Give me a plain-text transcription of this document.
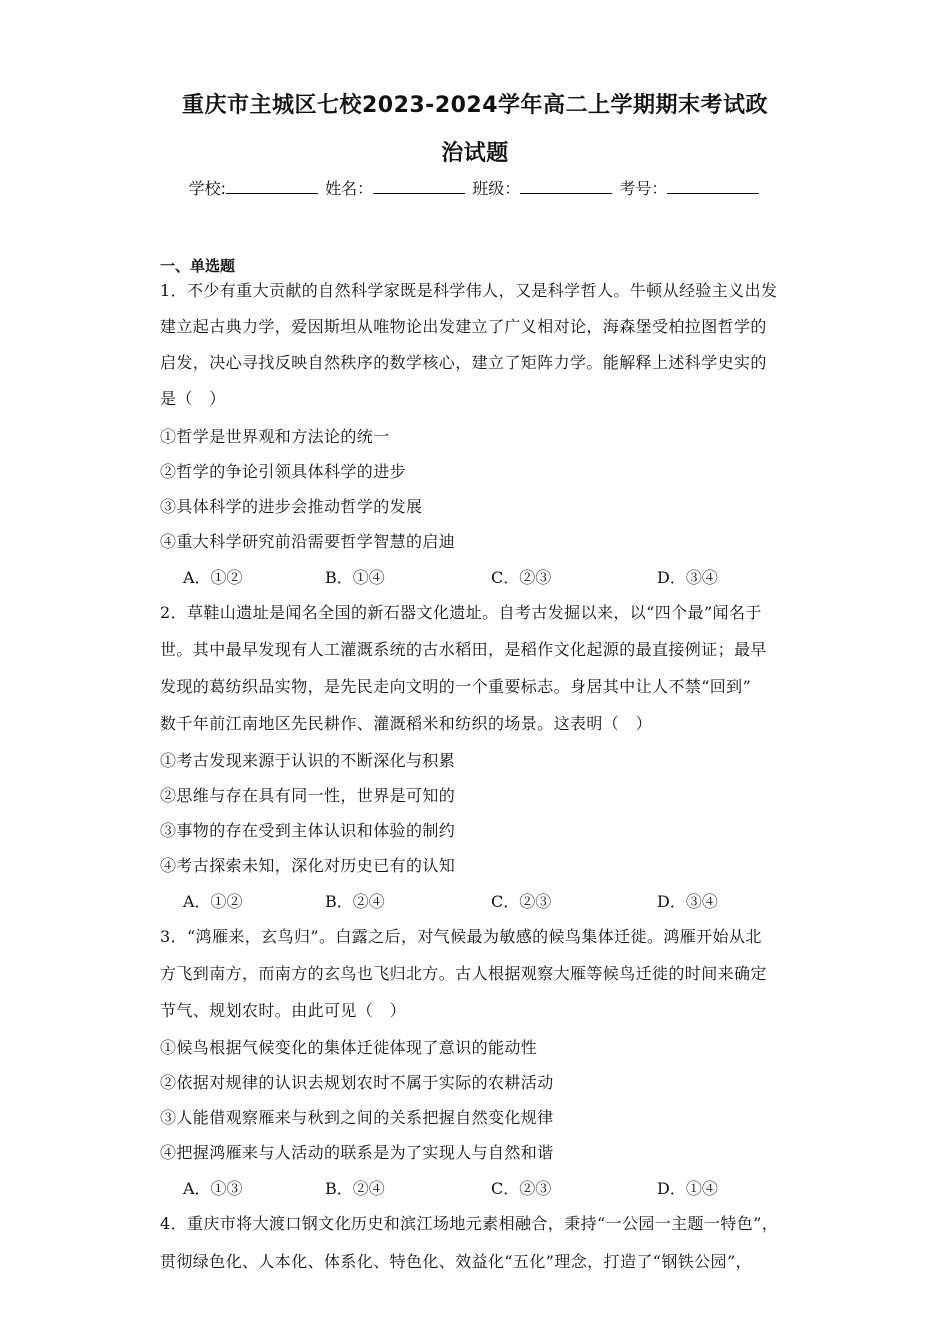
重庆市主城区七校2023-2024学年高二上学期期末考试政
治试题
学校:	姓名：	班级：	考号：
一、单选题
1．不少有重大贡献的自然科学家既是科学伟人，又是科学哲人。牛顿从经验主义出发
建立起古典力学，爱因斯坦从唯物论出发建立了广义相对论，海森堡受柏拉图哲学的
启发，决心寻找反映自然秩序的数学核心，建立了矩阵力学。能解释上述科学史实的
是（　）
①哲学是世界观和方法论的统一
②哲学的争论引领具体科学的进步
③具体科学的进步会推动哲学的发展
④重大科学研究前沿需要哲学智慧的启迪
A．①②	B．①④	C．②③	D．③④
2．草鞋山遗址是闻名全国的新石器文化遗址。自考古发掘以来，以“四个最”闻名于
世。其中最早发现有人工灌溉系统的古水稻田，是稻作文化起源的最直接例证；最早
发现的葛纺织品实物，是先民走向文明的一个重要标志。身居其中让人不禁“回到”
数千年前江南地区先民耕作、灌溉稻米和纺织的场景。这表明（　）
①考古发现来源于认识的不断深化与积累
②思维与存在具有同一性，世界是可知的
③事物的存在受到主体认识和体验的制约
④考古探索未知，深化对历史已有的认知
A．①②	B．②④	C．②③	D．③④
3．“鸿雁来，玄鸟归”。白露之后，对气候最为敏感的候鸟集体迁徙。鸿雁开始从北
方飞到南方，而南方的玄鸟也飞归北方。古人根据观察大雁等候鸟迁徙的时间来确定
节气、规划农时。由此可见（　）
①候鸟根据气候变化的集体迁徙体现了意识的能动性
②依据对规律的认识去规划农时不属于实际的农耕活动
③人能借观察雁来与秋到之间的关系把握自然变化规律
④把握鸿雁来与人活动的联系是为了实现人与自然和谐
A．①③	B．②④	C．②③	D．①④
4．重庆市将大渡口钢文化历史和滨江场地元素相融合，秉持“一公园一主题一特色”，
贯彻绿色化、人本化、体系化、特色化、效益化“五化”理念，打造了“钢铁公园”，
